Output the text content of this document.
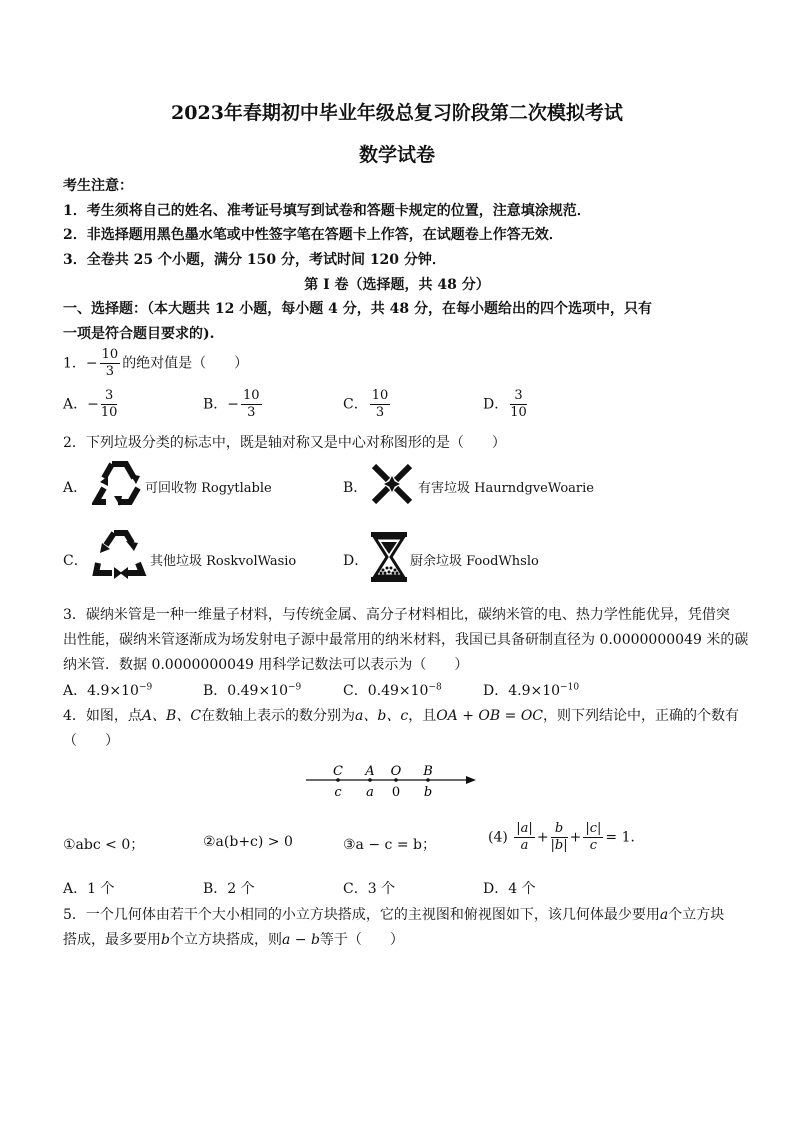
2023年春期初中毕业年级总复习阶段第二次模拟考试
数学试卷
考生注意：
1．考生须将自己的姓名、准考证号填写到试卷和答题卡规定的位置，注意填涂规范．
2．非选择题用黑色墨水笔或中性签字笔在答题卡上作答，在试题卷上作答无效．
3．全卷共 25 个小题，满分 150 分，考试时间 120 分钟．
第 I 卷（选择题，共 48 分）
一、选择题：（本大题共 12 小题，每小题 4 分，共 48 分，在每小题给出的四个选项中，只有
一项是符合题目要求的).
1．− $\frac{10}{3}$ 的绝对值是（　　）
A．− $\frac{3}{10}$	B．− $\frac{10}{3}$	C． $\frac{10}{3}$	D． $\frac{3}{10}$
2．下列垃圾分类的标志中，既是轴对称又是中心对称图形的是（　　）
A．	可回收物 Rogytlable	B．	有害垃圾 HaurndgveWoarie
C．	其他垃圾 RoskvolWasio	D．	厨余垃圾 FoodWhslo
3．碳纳米管是一种一维量子材料，与传统金属、高分子材料相比，碳纳米管的电、热力学性能优异，凭借突
出性能，碳纳米管逐渐成为场发射电子源中最常用的纳米材料，我国已具备研制直径为 0.0000000049 米的碳
纳米管．数据 0.0000000049 用科学记数法可以表示为（　　）
A．$4.9\times 10^{-9}$	B．$0.49\times 10^{-9}$	C．$0.49\times 10^{-8}$	D．$4.9\times 10^{-10}$
4．如图，点A、B、C在数轴上表示的数分别为a、b、c，且OA + OB = OC，则下列结论中，正确的个数有
（　　）
C A O B
c a 0 b
①abc < 0；	②a(b+c) > 0	③a − c = b；	$(4) \frac{|a|}{a} + \frac{b}{|b|} + \frac{|c|}{c} = 1$．
A．1 个	B．2 个	C．3 个	D．4 个
5．一个几何体由若干个大小相同的小立方块搭成，它的主视图和俯视图如下，该几何体最少要用a个立方块
搭成，最多要用b个立方块搭成，则a − b等于（　　）
